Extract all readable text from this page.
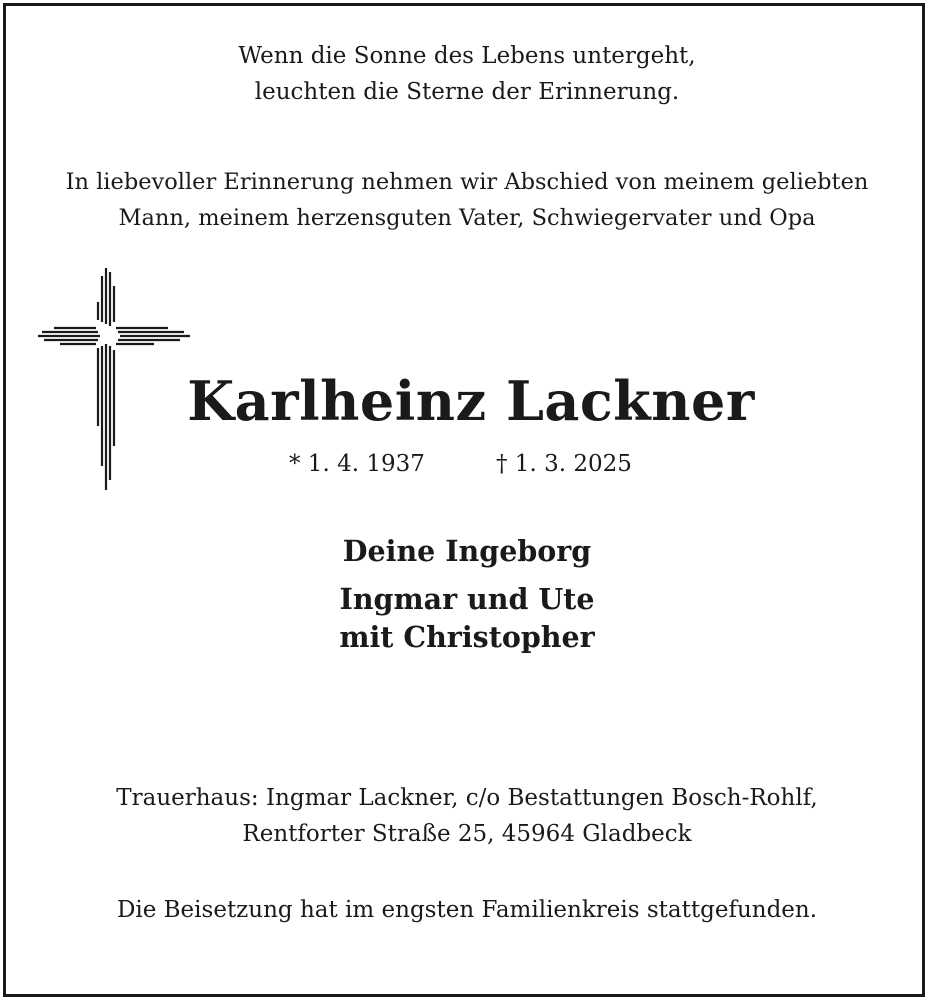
Wenn die Sonne des Lebens untergeht,
leuchten die Sterne der Erinnerung.
In liebevoller Erinnerung nehmen wir Abschied von meinem geliebten
Mann, meinem herzensguten Vater, Schwiegervater und Opa
Karlheinz Lackner
* 1. 4. 1937	† 1. 3. 2025
Deine Ingeborg
Ingmar und Ute
mit Christopher
Trauerhaus: Ingmar Lackner, c/o Bestattungen Bosch-Rohlf,
Rentforter Straße 25, 45964 Gladbeck
Die Beisetzung hat im engsten Familienkreis stattgefunden.
